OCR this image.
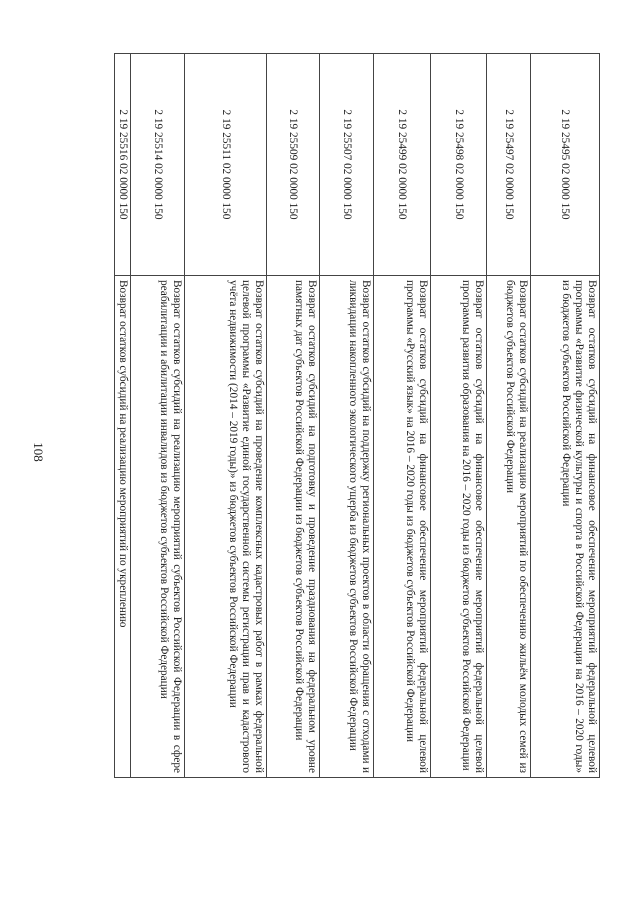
108
2 19 25495 02 0000 150	Возврат остатков субсидий на финансовое обеспечение мероприятий федеральной целевой программы «Развитие физической культуры и спорта в Российской Федерации на 2016 – 2020 годы» из бюджетов субъектов Российской Федерации
2 19 25497 02 0000 150	Возврат остатков субсидий на реализацию мероприятий по обеспечению жильём молодых семей из бюджетов субъектов Российской Федерации
2 19 25498 02 0000 150	Возврат остатков субсидий на финансовое обеспечение мероприятий федеральной целевой программы развития образования на 2016 – 2020 годы из бюджетов субъектов Российской Федерации
2 19 25499 02 0000 150	Возврат остатков субсидий на финансовое обеспечение мероприятий федеральной целевой программы «Русский язык» на 2016 – 2020 годы из бюджетов субъектов Российской Федерации
2 19 25507 02 0000 150	Возврат остатков субсидий на поддержку региональных проектов в области обращения с отходами и ликвидации накопленного экологического ущерба из бюджетов субъектов Российской Федерации
2 19 25509 02 0000 150	Возврат остатков субсидий на подготовку и проведение празднования на федеральном уровне памятных дат субъектов Российской Федерации из бюджетов субъектов Российской Федерации
2 19 25511 02 0000 150	Возврат остатков субсидий на проведение комплексных кадастровых работ в рамках федеральной целевой программы «Развитие единой государственной системы регистрации прав и кадастрового учёта недвижимости (2014 – 2019 годы)» из бюджетов субъектов Российской Федерации
2 19 25514 02 0000 150	Возврат остатков субсидий на реализацию мероприятий субъектов Российской Федерации в сфере реабилитации и абилитации инвалидов из бюджетов субъектов Российской Федерации
2 19 25516 02 0000 150	Возврат остатков субсидий на реализацию мероприятий по укреплению
